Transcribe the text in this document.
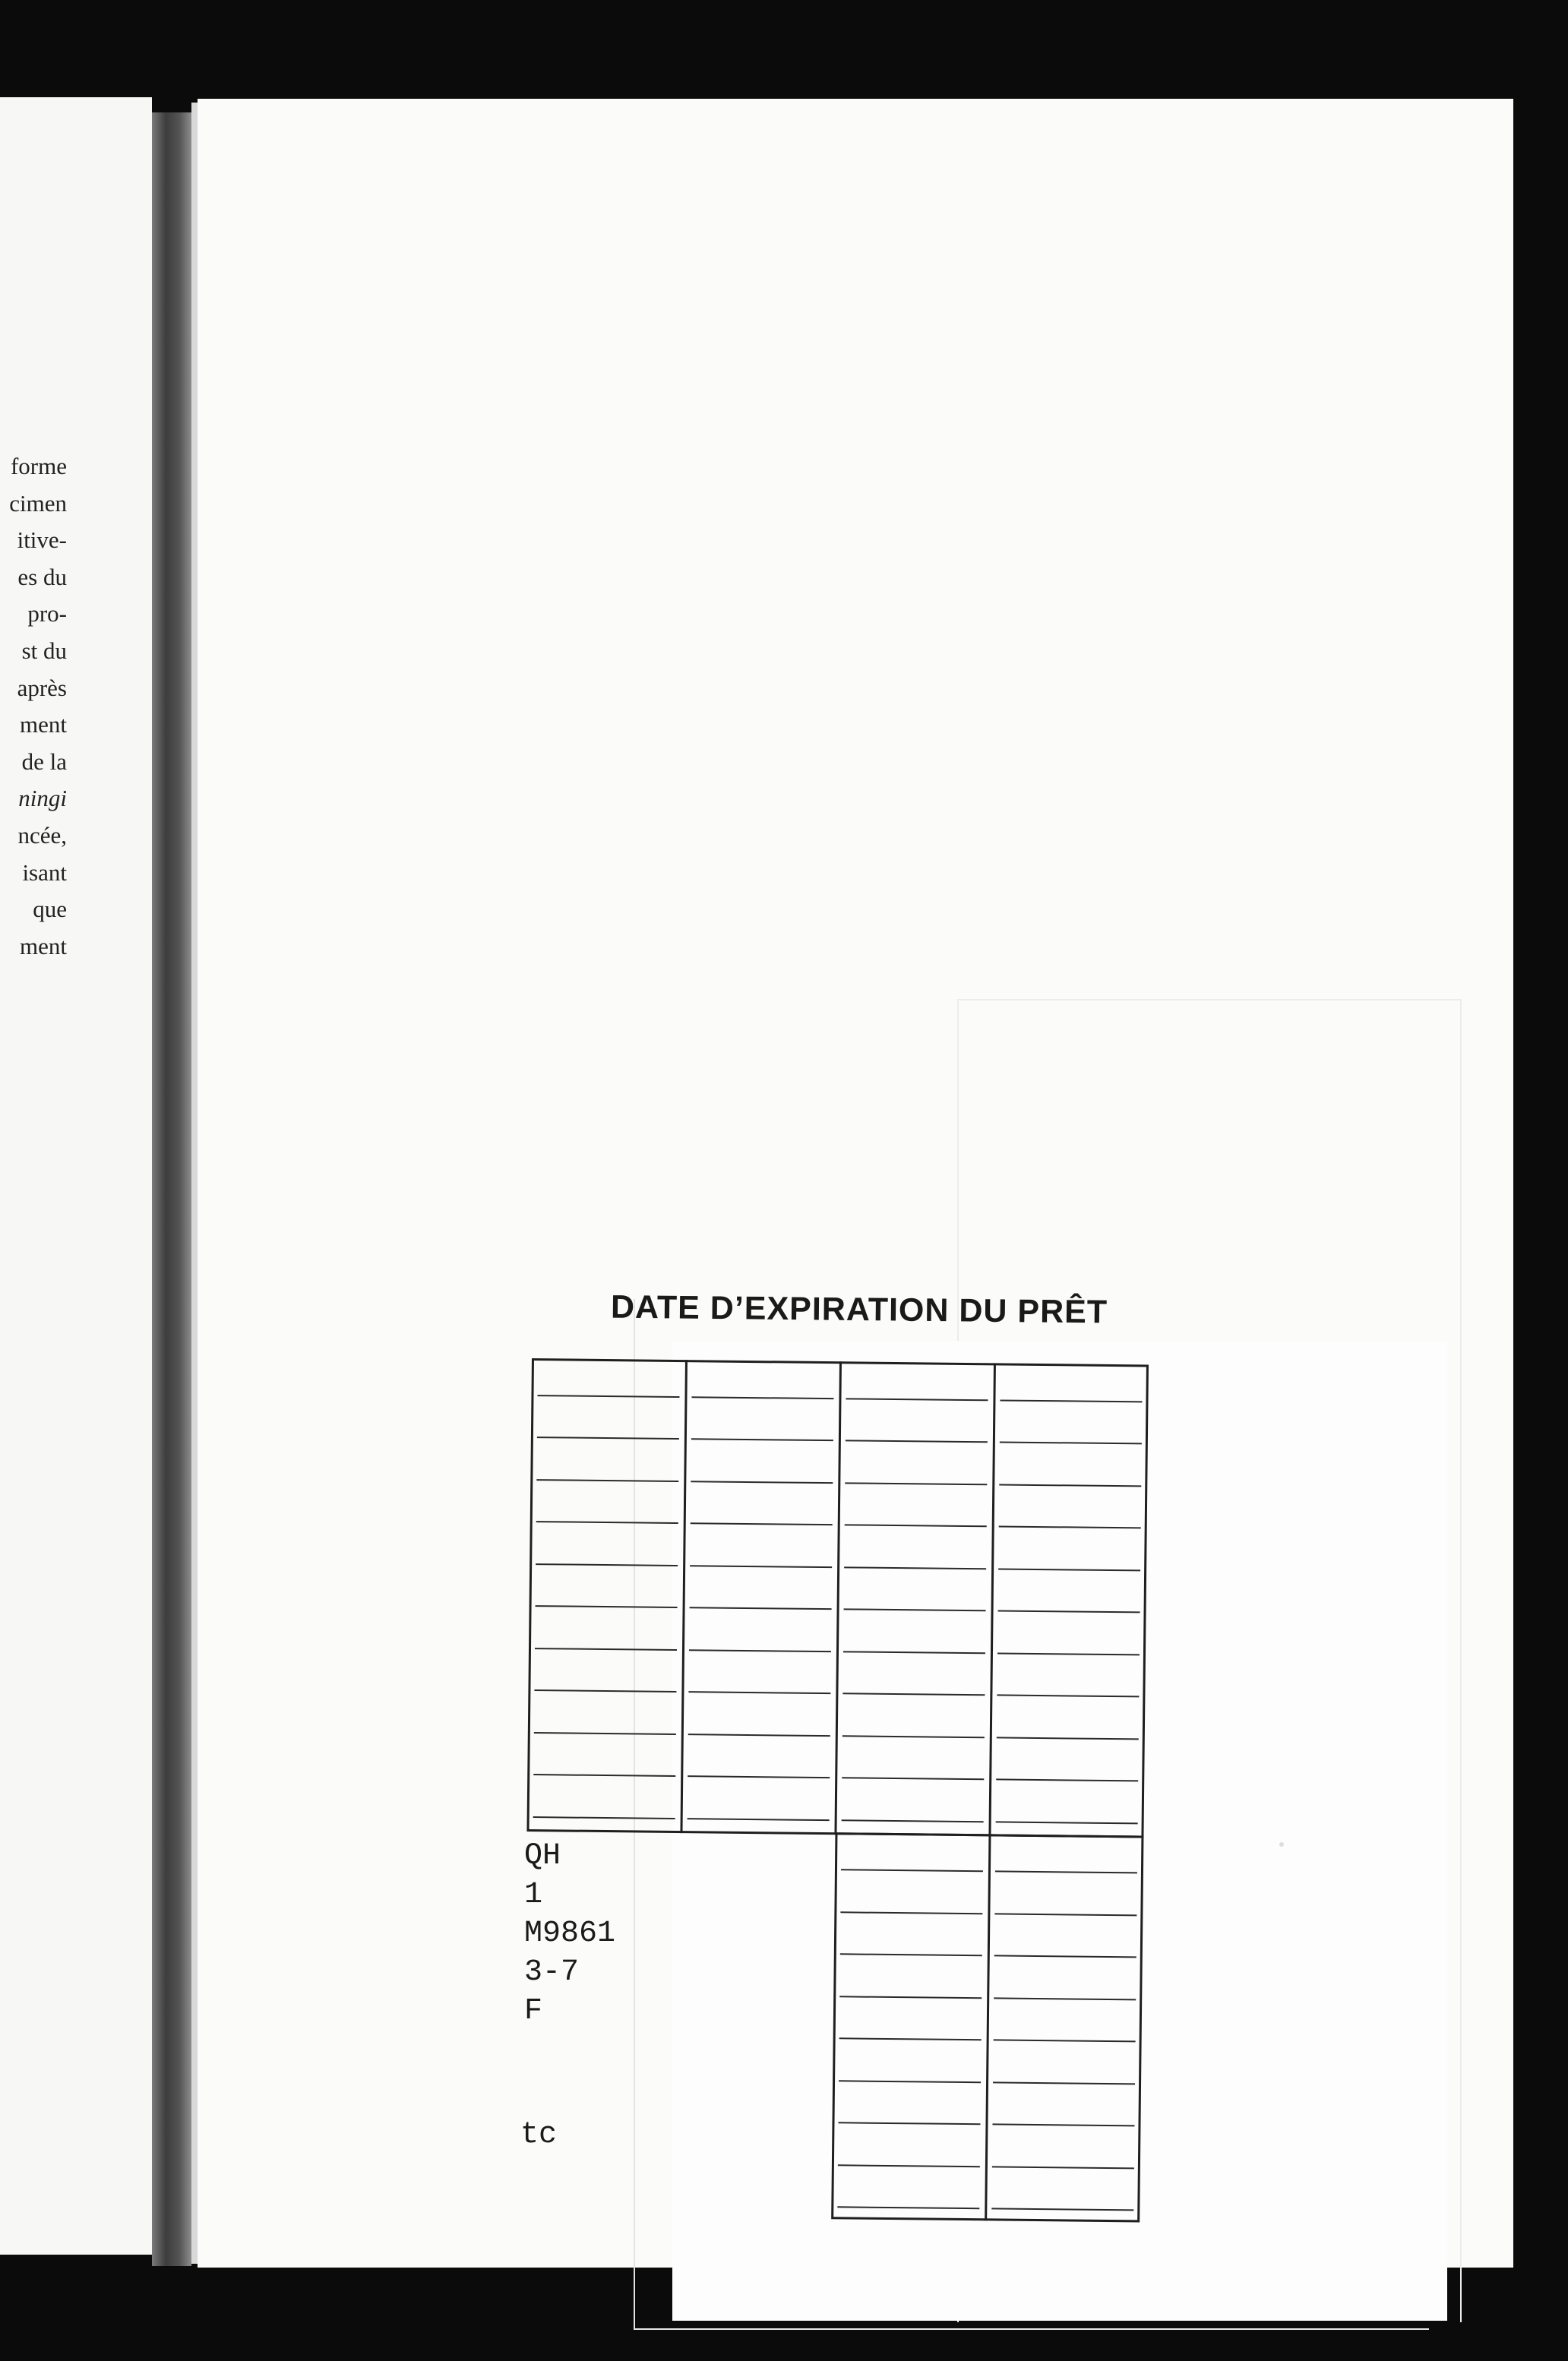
forme
cimen
itive-
es du
pro-
st du
après
ment
de la
ningi
ncée,
isant
que
ment
DATE D’EXPIRATION DU PRÊT
QH
1
M9861
3-7
F
tc
